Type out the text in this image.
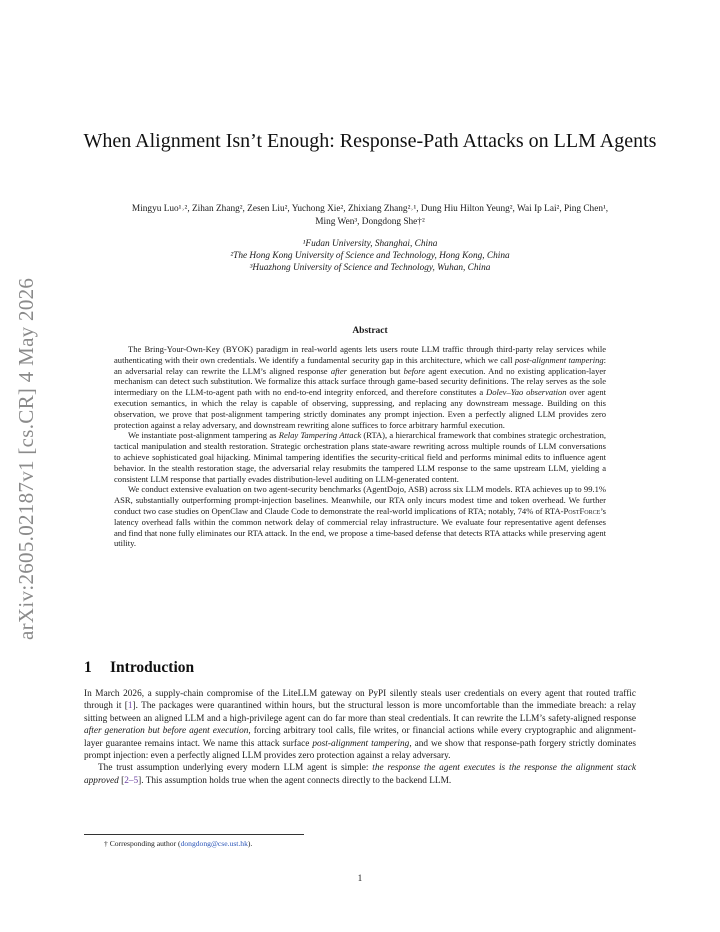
arXiv:2605.02187v1 [cs.CR] 4 May 2026
When Alignment Isn’t Enough: Response-Path Attacks on LLM Agents
Mingyu Luo¹˒², Zihan Zhang², Zesen Liu², Yuchong Xie², Zhixiang Zhang²˒¹, Dung Hiu Hilton Yeung², Wai Ip Lai², Ping Chen¹,
Ming Wen³, Dongdong She†²
¹Fudan University, Shanghai, China
²The Hong Kong University of Science and Technology, Hong Kong, China
³Huazhong University of Science and Technology, Wuhan, China
Abstract

The Bring-Your-Own-Key (BYOK) paradigm in real-world agents lets users route LLM traffic through third-party relay services while authenticating with their own credentials. We identify a fundamental security gap in this architecture, which we call post-alignment tampering: an adversarial relay can rewrite the LLM’s aligned response after generation but before agent execution. And no existing application-layer mechanism can detect such substitution. We formalize this attack surface through game-based security definitions. The relay serves as the sole intermediary on the LLM-to-agent path with no end-to-end integrity enforced, and therefore constitutes a Dolev–Yao observation over agent execution semantics, in which the relay is capable of observing, suppressing, and replacing any downstream message. Building on this observation, we prove that post-alignment tampering strictly dominates any prompt injection. Even a perfectly aligned LLM provides zero protection against a relay adversary, and downstream rewriting alone suffices to force arbitrary harmful execution.

We instantiate post-alignment tampering as Relay Tampering Attack (RTA), a hierarchical framework that combines strategic orchestration, tactical manipulation and stealth restoration. Strategic orchestration plans state-aware rewriting across multiple rounds of LLM conversations to achieve sophisticated goal hijacking. Minimal tampering identifies the security-critical field and performs minimal edits to influence agent behavior. In the stealth restoration stage, the adversarial relay resubmits the tampered LLM response to the same upstream LLM, yielding a consistent LLM response that partially evades distribution-level auditing on LLM-generated content.

We conduct extensive evaluation on two agent-security benchmarks (AgentDojo, ASB) across six LLM models. RTA achieves up to 99.1% ASR, substantially outperforming prompt-injection baselines. Meanwhile, our RTA only incurs modest time and token overhead. We further conduct two case studies on OpenClaw and Claude Code to demonstrate the real-world implications of RTA; notably, 74% of RTA-PostForce’s latency overhead falls within the common network delay of commercial relay infrastructure. We evaluate four representative agent defenses and find that none fully eliminates our RTA attack. In the end, we propose a time-based defense that detects RTA attacks while preserving agent utility.

1 Introduction

In March 2026, a supply-chain compromise of the LiteLLM gateway on PyPI silently steals user credentials on every agent that routed traffic through it [1]. The packages were quarantined within hours, but the structural lesson is more uncomfortable than the immediate breach: a relay sitting between an aligned LLM and a high-privilege agent can do far more than steal credentials. It can rewrite the LLM’s safety-aligned response after generation but before agent execution, forcing arbitrary tool calls, file writes, or financial actions while every cryptographic and alignment-layer guarantee remains intact. We name this attack surface post-alignment tampering, and we show that response-path forgery strictly dominates prompt injection: even a perfectly aligned LLM provides zero protection against a relay adversary.

The trust assumption underlying every modern LLM agent is simple: the response the agent executes is the response the alignment stack approved [2–5]. This assumption holds true when the agent connects directly to the backend LLM.

† Corresponding author (dongdong@cse.ust.hk).
1
